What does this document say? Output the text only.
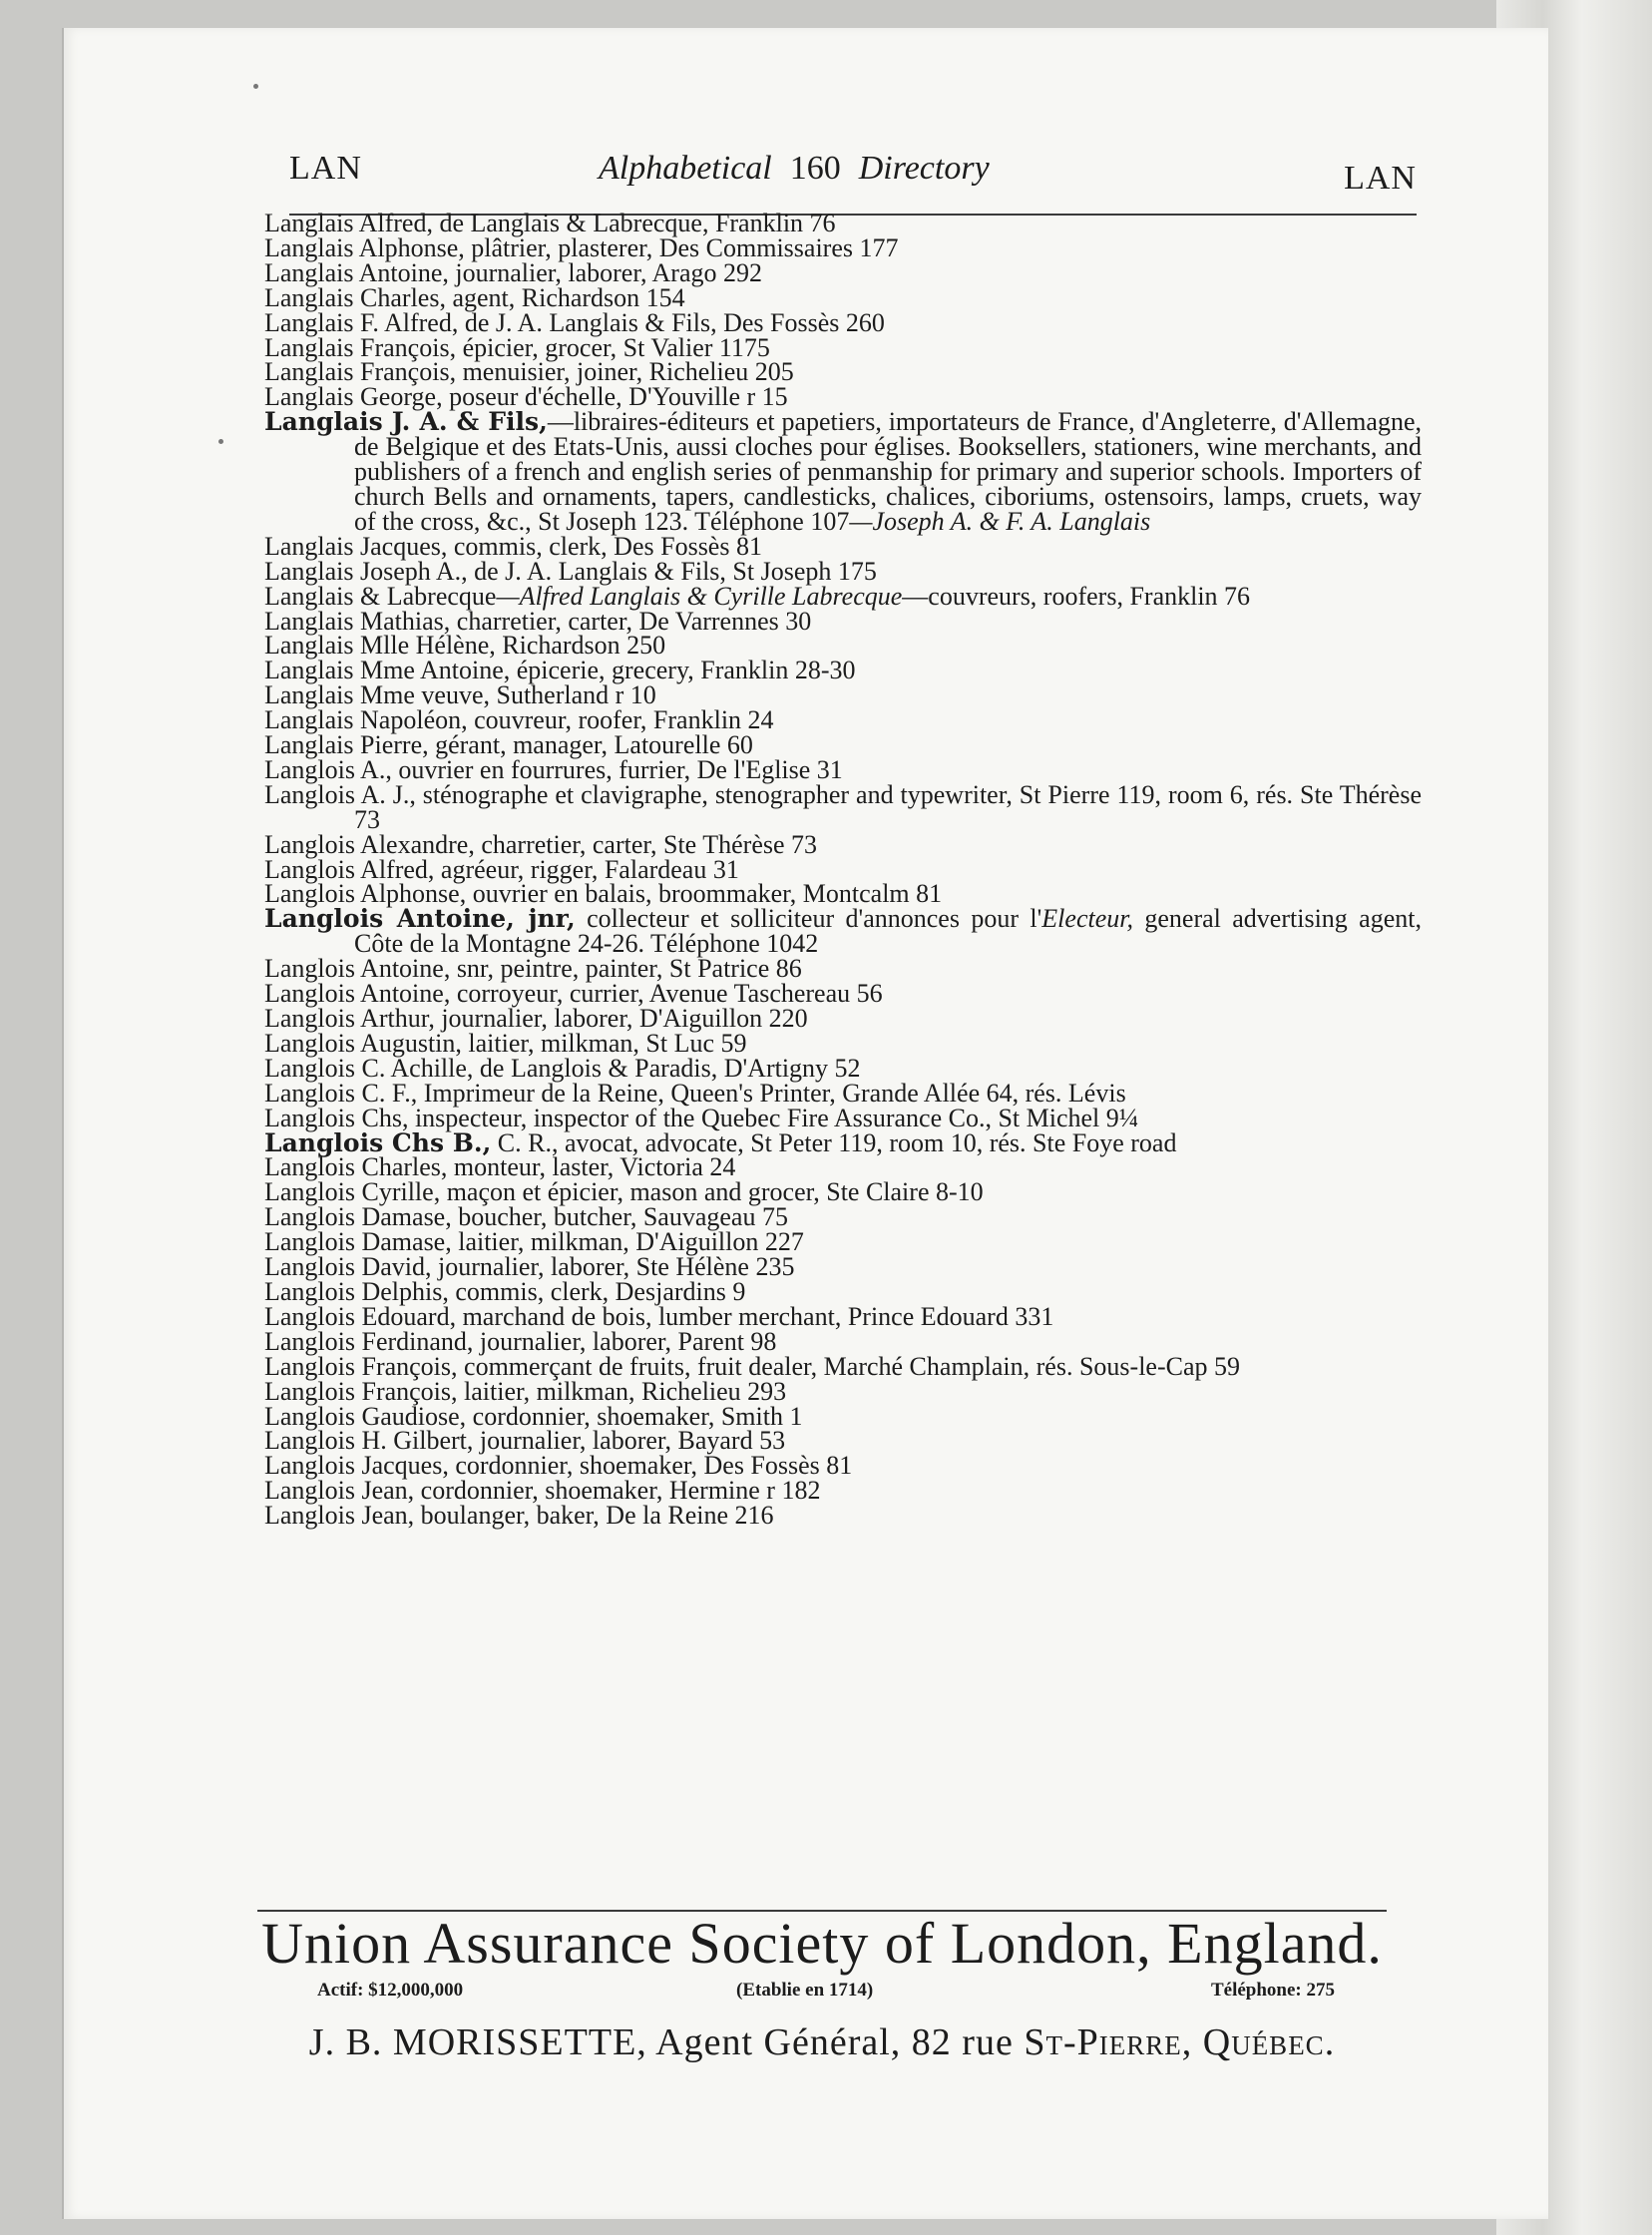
LAN	Alphabetical 160 Directory	LAN
Langlais Alfred, de Langlais & Labrecque, Franklin 76
Langlais Alphonse, plâtrier, plasterer, Des Commissaires 177
Langlais Antoine, journalier, laborer, Arago 292
Langlais Charles, agent, Richardson 154
Langlais F. Alfred, de J. A. Langlais & Fils, Des Fossès 260
Langlais François, épicier, grocer, St Valier 1175
Langlais François, menuisier, joiner, Richelieu 205
Langlais George, poseur d'échelle, D'Youville r 15
Langlais J. A. & Fils,—libraires-éditeurs et papetiers, importateurs de France, d'Angleterre, d'Allemagne, de Belgique et des Etats-Unis, aussi cloches pour églises. Booksellers, stationers, wine merchants, and publishers of a french and english series of penmanship for primary and superior schools. Importers of church Bells and ornaments, tapers, candlesticks, chalices, ciboriums, ostensoirs, lamps, cruets, way of the cross, &c., St Joseph 123. Téléphone 107—Joseph A. & F. A. Langlais
Langlais Jacques, commis, clerk, Des Fossès 81
Langlais Joseph A., de J. A. Langlais & Fils, St Joseph 175
Langlais & Labrecque—Alfred Langlais & Cyrille Labrecque—couvreurs, roofers, Franklin 76
Langlais Mathias, charretier, carter, De Varrennes 30
Langlais Mlle Hélène, Richardson 250
Langlais Mme Antoine, épicerie, grecery, Franklin 28-30
Langlais Mme veuve, Sutherland r 10
Langlais Napoléon, couvreur, roofer, Franklin 24
Langlais Pierre, gérant, manager, Latourelle 60
Langlois A., ouvrier en fourrures, furrier, De l'Eglise 31
Langlois A. J., sténographe et clavigraphe, stenographer and typewriter, St Pierre 119, room 6, rés. Ste Thérèse 73
Langlois Alexandre, charretier, carter, Ste Thérèse 73
Langlois Alfred, agréeur, rigger, Falardeau 31
Langlois Alphonse, ouvrier en balais, broommaker, Montcalm 81
Langlois Antoine, jnr, collecteur et solliciteur d'annonces pour l'Electeur, general advertising agent, Côte de la Montagne 24-26. Téléphone 1042
Langlois Antoine, snr, peintre, painter, St Patrice 86
Langlois Antoine, corroyeur, currier, Avenue Taschereau 56
Langlois Arthur, journalier, laborer, D'Aiguillon 220
Langlois Augustin, laitier, milkman, St Luc 59
Langlois C. Achille, de Langlois & Paradis, D'Artigny 52
Langlois C. F., Imprimeur de la Reine, Queen's Printer, Grande Allée 64, rés. Lévis
Langlois Chs, inspecteur, inspector of the Quebec Fire Assurance Co., St Michel 9¼
Langlois Chs B., C. R., avocat, advocate, St Peter 119, room 10, rés. Ste Foye road
Langlois Charles, monteur, laster, Victoria 24
Langlois Cyrille, maçon et épicier, mason and grocer, Ste Claire 8-10
Langlois Damase, boucher, butcher, Sauvageau 75
Langlois Damase, laitier, milkman, D'Aiguillon 227
Langlois David, journalier, laborer, Ste Hélène 235
Langlois Delphis, commis, clerk, Desjardins 9
Langlois Edouard, marchand de bois, lumber merchant, Prince Edouard 331
Langlois Ferdinand, journalier, laborer, Parent 98
Langlois François, commerçant de fruits, fruit dealer, Marché Champlain, rés. Sous-le-Cap 59
Langlois François, laitier, milkman, Richelieu 293
Langlois Gaudiose, cordonnier, shoemaker, Smith 1
Langlois H. Gilbert, journalier, laborer, Bayard 53
Langlois Jacques, cordonnier, shoemaker, Des Fossès 81
Langlois Jean, cordonnier, shoemaker, Hermine r 182
Langlois Jean, boulanger, baker, De la Reine 216
Union Assurance Society of London, England.
Actif: $12,000,000	(Etablie en 1714)	Téléphone: 275
J. B. MORISSETTE, Agent Général, 82 rue St-Pierre, Québec.
